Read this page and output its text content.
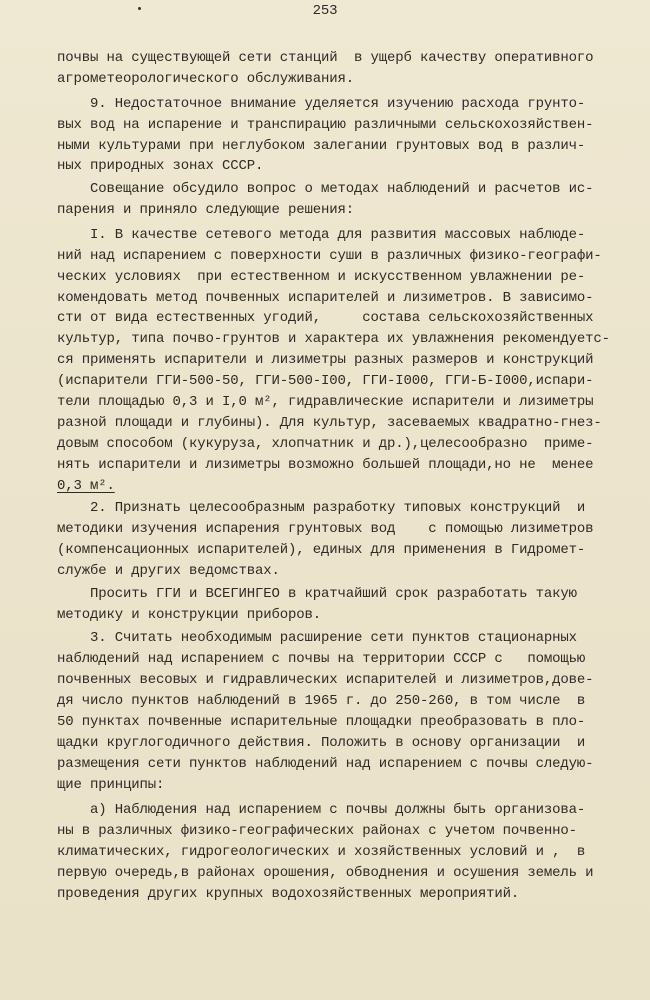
253
почвы на существующей сети станций  в ущерб качеству оперативного
агрометеорологического обслуживания.
9. Недостаточное внимание уделяется изучению расхода грунто-
вых вод на испарение и транспирацию различными сельскохозяйствен-
ными культурами при неглубоком залегании грунтовых вод в различ-
ных природных зонах СССР.
Совещание обсудило вопрос о методах наблюдений и расчетов ис-
парения и приняло следующие решения:
I. В качестве сетевого метода для развития массовых наблюде-
ний над испарением с поверхности суши в различных физико-географи-
ческих условиях  при естественном и искусственном увлажнении ре-
комендовать метод почвенных испарителей и лизиметров. В зависимо-
сти от вида естественных угодий,     состава сельскохозяйственных
культур, типа почво-грунтов и характера их увлажнения рекомендуетс-
ся применять испарители и лизиметры разных размеров и конструкций
(испарители ГГИ-500-50, ГГИ-500-I00, ГГИ-I000, ГГИ-Б-I000,испари-
тели площадью 0,3 и I,0 м², гидравлические испарители и лизиметры
разной площади и глубины). Для культур, засеваемых квадратно-гнез-
довым способом (кукуруза, хлопчатник и др.),целесообразно  приме-
нять испарители и лизиметры возможно большей площади,но не  менее
0,3 м².
2. Признать целесообразным разработку типовых конструкций  и
методики изучения испарения грунтовых вод    с помощью лизиметров
(компенсационных испарителей), единых для применения в Гидромет-
службе и других ведомствах.
Просить ГГИ и ВСЕГИНГЕО в кратчайший срок разработать такую
методику и конструкции приборов.
3. Считать необходимым расширение сети пунктов стационарных
наблюдений над испарением с почвы на территории СССР с   помощью
почвенных весовых и гидравлических испарителей и лизиметров,дове-
дя число пунктов наблюдений в 1965 г. до 250-260, в том числе  в
50 пунктах почвенные испарительные площадки преобразовать в пло-
щадки круглогодичного действия. Положить в основу организации  и
размещения сети пунктов наблюдений над испарением с почвы следую-
щие принципы:
а) Наблюдения над испарением с почвы должны быть организова-
ны в различных физико-географических районах с учетом почвенно-
климатических, гидрогеологических и хозяйственных условий и ,  в
первую очередь,в районах орошения, обводнения и осушения земель и
проведения других крупных водохозяйственных мероприятий.
